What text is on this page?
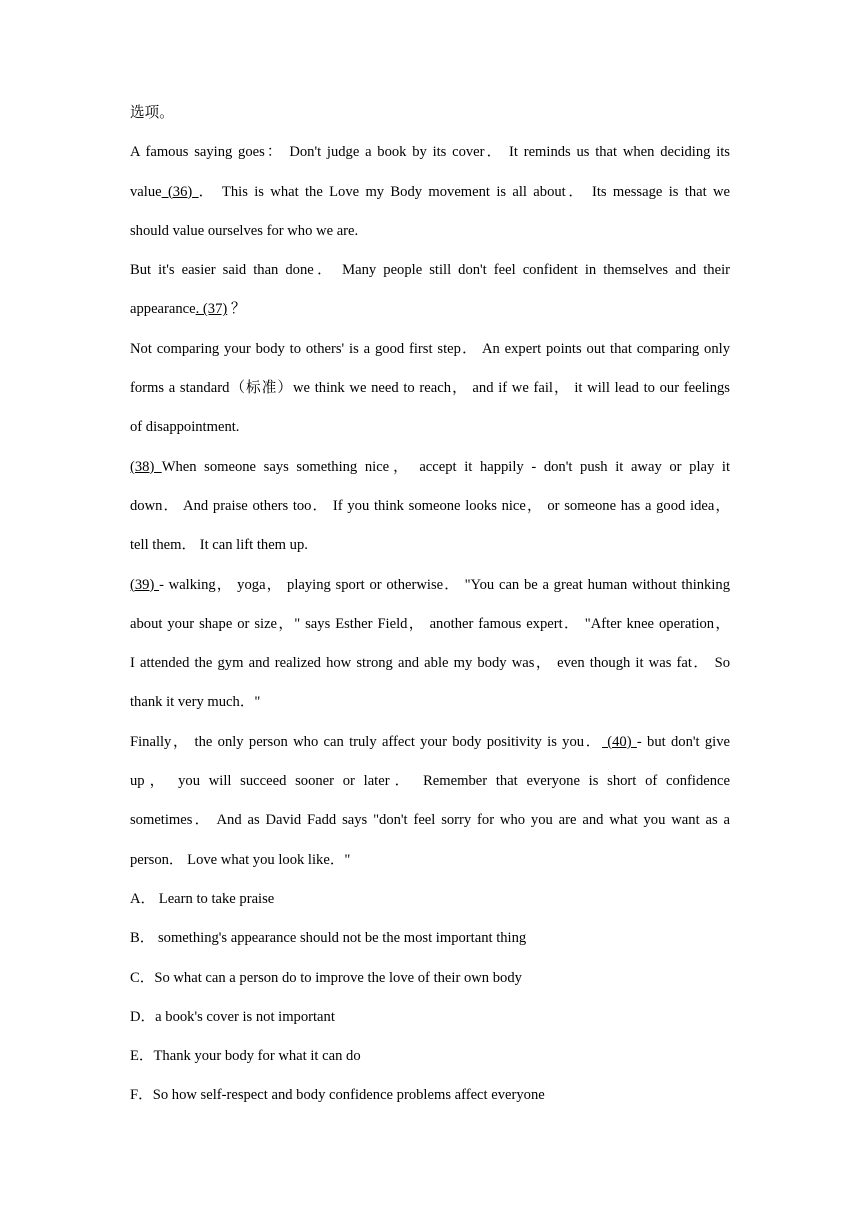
选项。
A famous saying goes： Don't judge a book by its cover． It reminds us that when deciding its
value (36) ． This is what the Love my Body movement is all about． Its message is that we
should value ourselves for who we are.
But it's easier said than done． Many people still don't feel confident in themselves and their
appearance. (37) ？
Not comparing your body to others' is a good first step． An expert points out that comparing only
forms a standard（标准）we think we need to reach， and if we fail， it will lead to our feelings
of disappointment.
(38) When someone says something nice， accept it happily - don't push it away or play it
down． And praise others too． If you think someone looks nice， or someone has a good idea，
tell them． It can lift them up.
(39) - walking， yoga， playing sport or otherwise． "You can be a great human without thinking
about your shape or size，" says Esther Field， another famous expert． "After knee operation，
I attended the gym and realized how strong and able my body was， even though it was fat． So
thank it very much．"
Finally， the only person who can truly affect your body positivity is you． (40) - but don't give
up， you will succeed sooner or later． Remember that everyone is short of confidence
sometimes． And as David Fadd says "don't feel sorry for who you are and what you want as a
person． Love what you look like．"
A． Learn to take praise
B． something's appearance should not be the most important thing
C．So what can a person do to improve the love of their own body
D．a book's cover is not important
E．Thank your body for what it can do
F．So how self-respect and body confidence problems affect everyone
